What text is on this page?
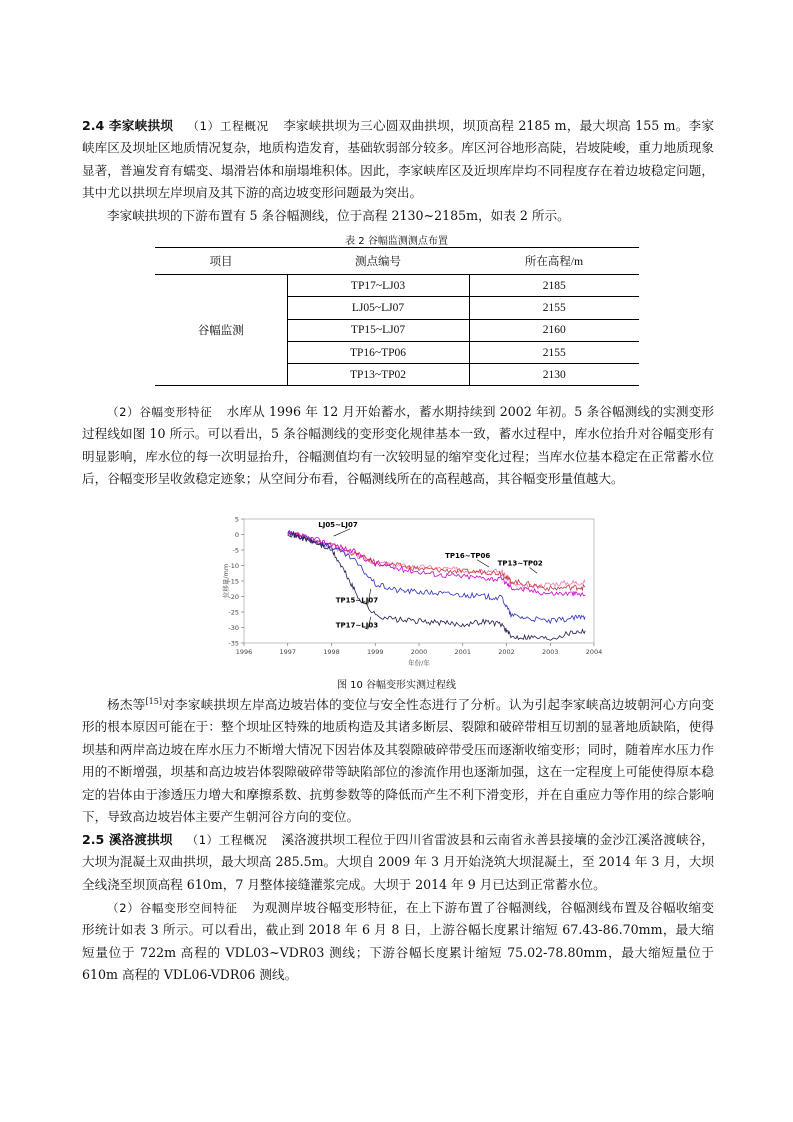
2.4 李家峡拱坝 （1）工程概况 李家峡拱坝为三心圆双曲拱坝，坝顶高程 2185 m，最大坝高 155 m。李家峡库区及坝址区地质情况复杂，地质构造发育，基础软弱部分较多。库区河谷地形高陡，岩坡陡峻，重力地质现象显著，普遍发育有蠕变、塌滑岩体和崩塌堆积体。因此，李家峡库区及近坝库岸均不同程度存在着边坡稳定问题，其中尤以拱坝左岸坝肩及其下游的高边坡变形问题最为突出。

李家峡拱坝的下游布置有 5 条谷幅测线，位于高程 2130~2185m，如表 2 所示。

表 2 谷幅监测测点布置
项目	测点编号	所在高程/m
谷幅监测	TP17~LJ03	2185
	LJ05~LJ07	2155
	TP15~LJ07	2160
	TP16~TP06	2155
	TP13~TP02	2130

（2）谷幅变形特征 水库从 1996 年 12 月开始蓄水，蓄水期持续到 2002 年初。5 条谷幅测线的实测变形过程线如图 10 所示。可以看出，5 条谷幅测线的变形变化规律基本一致，蓄水过程中，库水位抬升对谷幅变形有明显影响，库水位的每一次明显抬升，谷幅测值均有一次较明显的缩窄变化过程；当库水位基本稳定在正常蓄水位后，谷幅变形呈收敛稳定迹象；从空间分布看，谷幅测线所在的高程越高，其谷幅变形量值越大。

5
0
-5
-10
-15
-20
-25
-30
-35
1996	1997	1998	1999	2000	2001	2002	2003	2004
年份/年
位移量/mm
LJ05~LJ07
TP16~TP06
TP13~TP02
TP15~LJ07
TP17~LJ03
图 10 谷幅变形实测过程线

杨杰等[15]对李家峡拱坝左岸高边坡岩体的变位与安全性态进行了分析。认为引起李家峡高边坡朝河心方向变形的根本原因可能在于：整个坝址区特殊的地质构造及其诸多断层、裂隙和破碎带相互切割的显著地质缺陷，使得坝基和两岸高边坡在库水压力不断增大情况下因岩体及其裂隙破碎带受压而逐渐收缩变形；同时，随着库水压力作用的不断增强，坝基和高边坡岩体裂隙破碎带等缺陷部位的渗流作用也逐渐加强，这在一定程度上可能使得原本稳定的岩体由于渗透压力增大和摩擦系数、抗剪参数等的降低而产生不利下滑变形，并在自重应力等作用的综合影响下，导致高边坡岩体主要产生朝河谷方向的变位。

2.5 溪洛渡拱坝 （1）工程概况 溪洛渡拱坝工程位于四川省雷波县和云南省永善县接壤的金沙江溪洛渡峡谷，大坝为混凝土双曲拱坝，最大坝高 285.5m。大坝自 2009 年 3 月开始浇筑大坝混凝土，至 2014 年 3 月，大坝全线浇至坝顶高程 610m，7 月整体接缝灌浆完成。大坝于 2014 年 9 月已达到正常蓄水位。

（2）谷幅变形空间特征 为观测岸坡谷幅变形特征，在上下游布置了谷幅测线，谷幅测线布置及谷幅收缩变形统计如表 3 所示。可以看出，截止到 2018 年 6 月 8 日，上游谷幅长度累计缩短 67.43-86.70mm，最大缩短量位于 722m 高程的 VDL03~VDR03 测线；下游谷幅长度累计缩短 75.02-78.80mm，最大缩短量位于 610m 高程的 VDL06-VDR06 测线。
